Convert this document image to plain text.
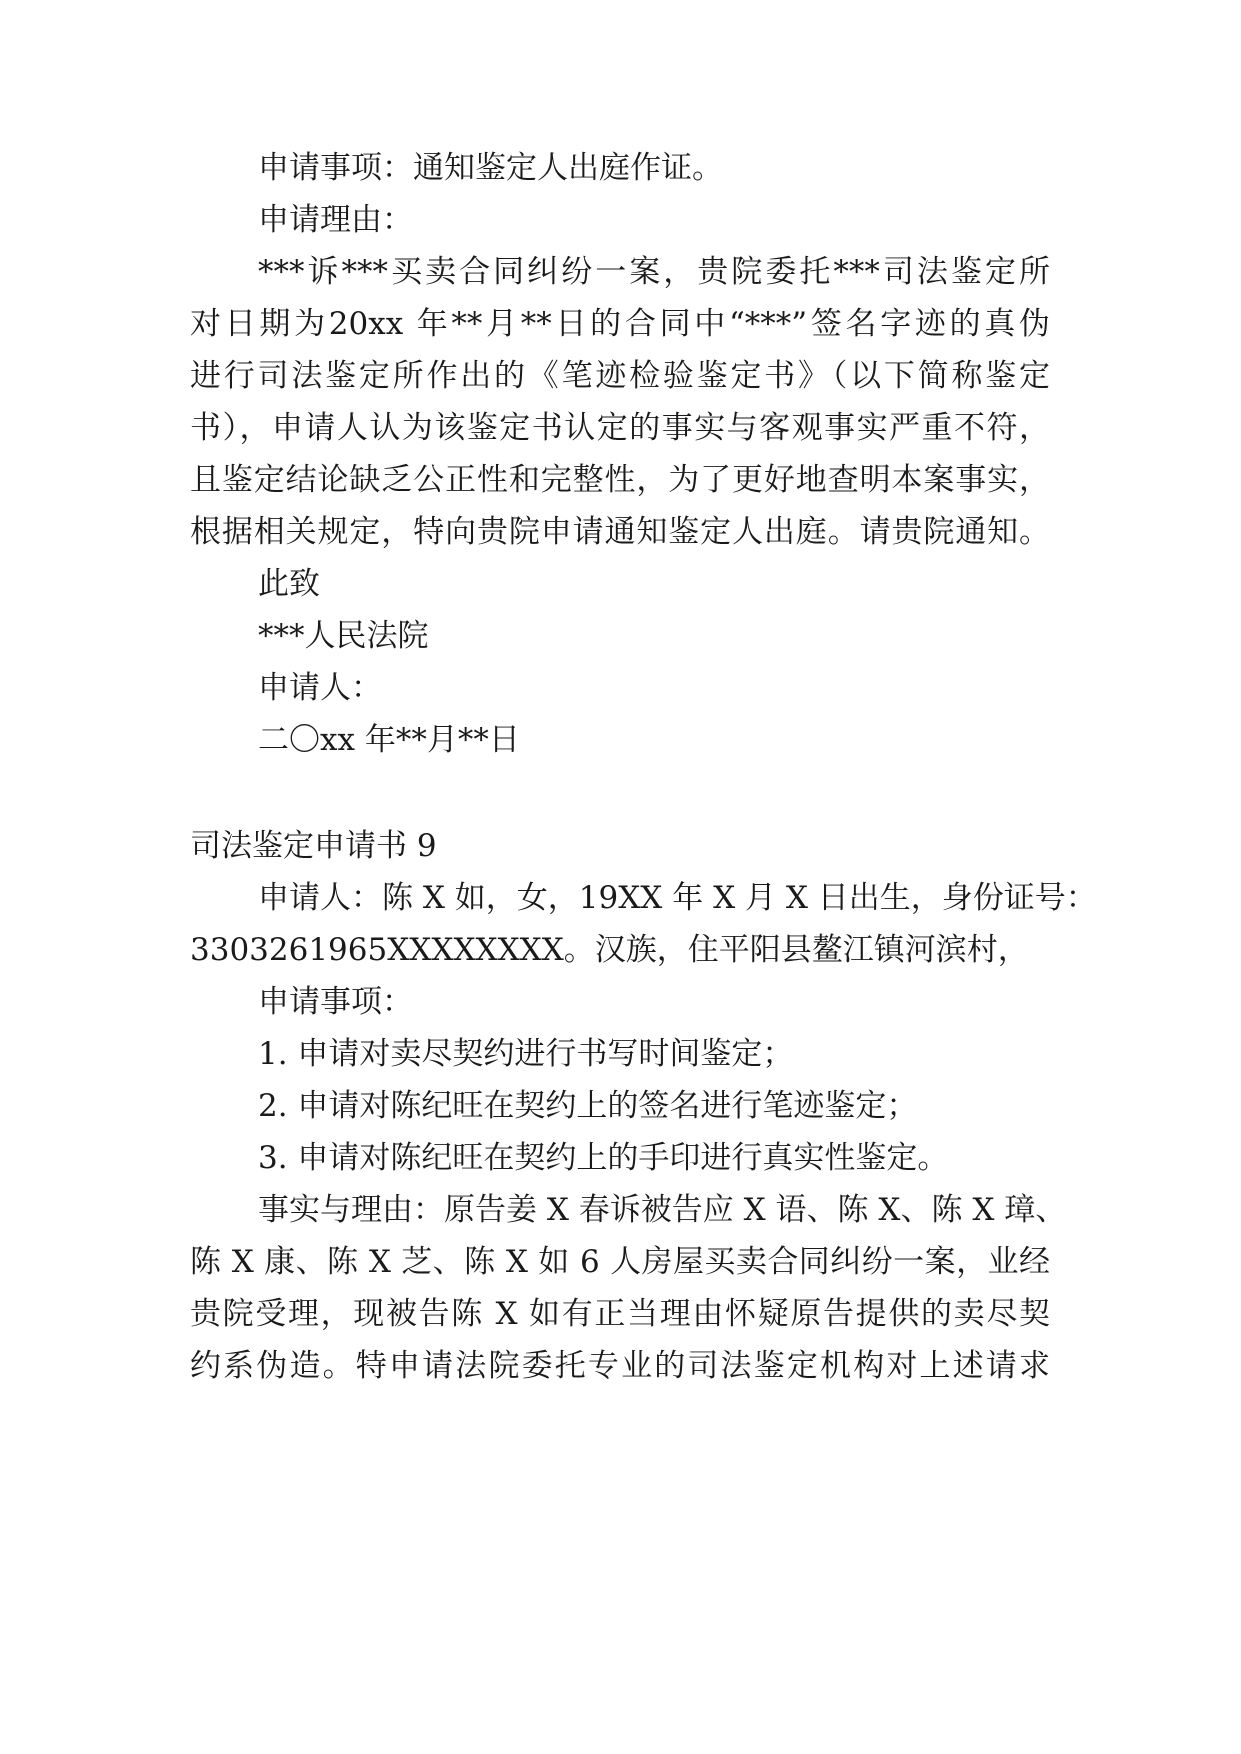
申请事项：通知鉴定人出庭作证。
申请理由：
***诉***买卖合同纠纷一案，贵院委托***司法鉴定所
对日期为20xx 年**月**日的合同中“***”签名字迹的真伪
进行司法鉴定所作出的《笔迹检验鉴定书》（以下简称鉴定
书），申请人认为该鉴定书认定的事实与客观事实严重不符，
且鉴定结论缺乏公正性和完整性，为了更好地查明本案事实，
根据相关规定，特向贵院申请通知鉴定人出庭。请贵院通知。
此致
***人民法院
申请人：
二〇xx 年**月**日
司法鉴定申请书 9
申请人：陈 X 如，女，19XX 年 X 月 X 日出生，身份证号：
3303261965XXXXXXXX。汉族，住平阳县鳌江镇河滨村，
申请事项：
1. 申请对卖尽契约进行书写时间鉴定；
2. 申请对陈纪旺在契约上的签名进行笔迹鉴定；
3. 申请对陈纪旺在契约上的手印进行真实性鉴定。
事实与理由：原告姜 X 春诉被告应 X 语、陈 X、陈 X 璋、
陈 X 康、陈 X 芝、陈 X 如 6 人房屋买卖合同纠纷一案，业经
贵院受理，现被告陈 X 如有正当理由怀疑原告提供的卖尽契
约系伪造。特申请法院委托专业的司法鉴定机构对上述请求
